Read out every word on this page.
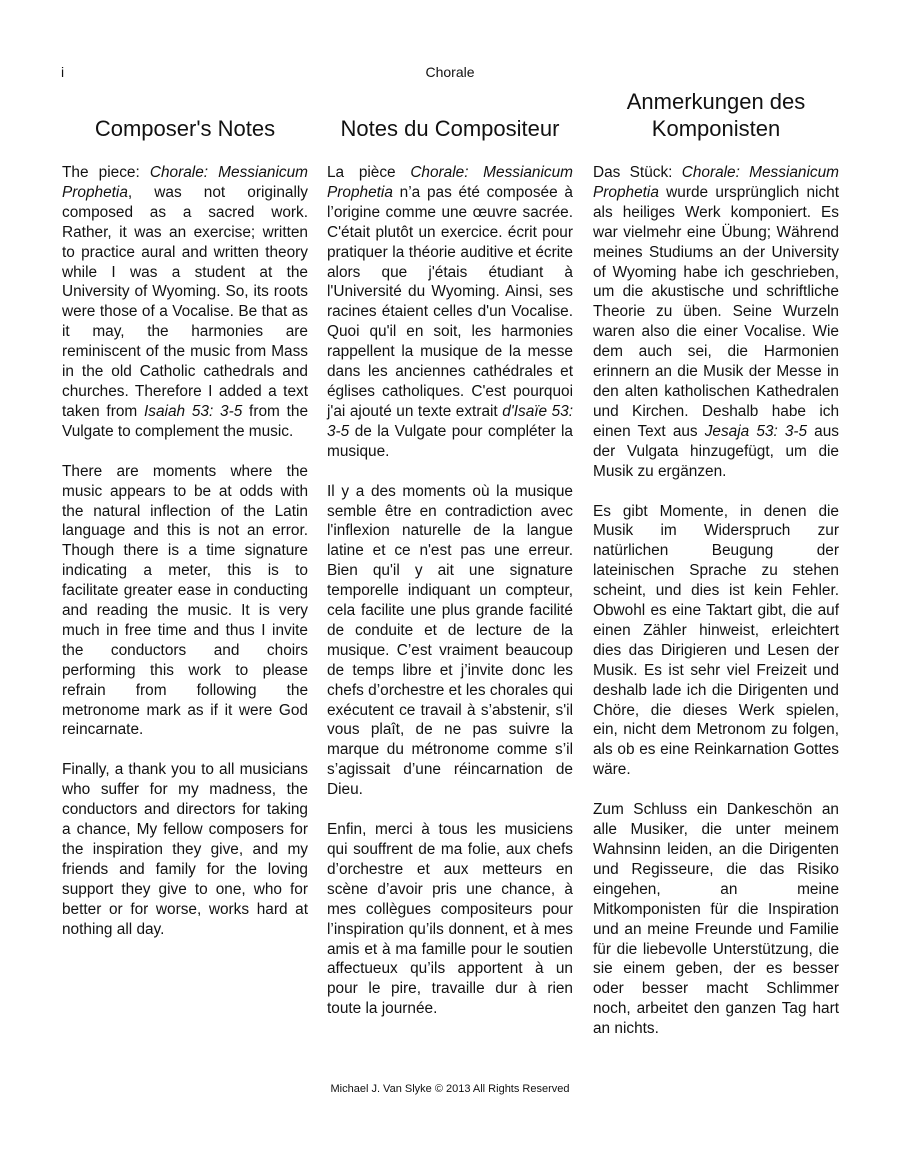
i	Chorale
Composer's Notes

The piece: Chorale: Messianicum Prophetia, was not originally composed as a sacred work. Rather, it was an exercise; written to practice aural and written theory while I was a student at the University of Wyoming. So, its roots were those of a Vocalise. Be that as it may, the harmonies are reminiscent of the music from Mass in the old Catholic cathedrals and churches. Therefore I added a text taken from Isaiah 53: 3-5 from the Vulgate to complement the music.

There are moments where the music appears to be at odds with the natural inflection of the Latin language and this is not an error. Though there is a time signature indicating a meter, this is to facilitate greater ease in conducting and reading the music. It is very much in free time and thus I invite the conductors and choirs performing this work to please refrain from following the metronome mark as if it were God reincarnate.

Finally, a thank you to all musicians who suffer for my madness, the conductors and directors for taking a chance, My fellow composers for the inspiration they give, and my friends and family for the loving support they give to one, who for better or for worse, works hard at nothing all day.

Notes du Compositeur

La pièce Chorale: Messianicum Prophetia n’a pas été composée à l’origine comme une œuvre sacrée. C'était plutôt un exercice. écrit pour pratiquer la théorie auditive et écrite alors que j'étais étudiant à l'Université du Wyoming. Ainsi, ses racines étaient celles d'un Vocalise. Quoi qu'il en soit, les harmonies rappellent la musique de la messe dans les anciennes cathédrales et églises catholiques. C'est pourquoi j'ai ajouté un texte extrait d'Isaïe 53: 3-5 de la Vulgate pour compléter la musique.

Il y a des moments où la musique semble être en contradiction avec l'inflexion naturelle de la langue latine et ce n'est pas une erreur. Bien qu'il y ait une signature temporelle indiquant un compteur, cela facilite une plus grande facilité de conduite et de lecture de la musique. C’est vraiment beaucoup de temps libre et j’invite donc les chefs d’orchestre et les chorales qui exécutent ce travail à s’abstenir, s'il vous plaît, de ne pas suivre la marque du métronome comme s’il s’agissait d’une réincarnation de Dieu.

Enfin, merci à tous les musiciens qui souffrent de ma folie, aux chefs d’orchestre et aux metteurs en scène d’avoir pris une chance, à mes collègues compositeurs pour l’inspiration qu’ils donnent, et à mes amis et à ma famille pour le soutien affectueux qu’ils apportent à un pour le pire, travaille dur à rien toute la journée.

Anmerkungen des Komponisten

Das Stück: Chorale: Messianicum Prophetia wurde ursprünglich nicht als heiliges Werk komponiert. Es war vielmehr eine Übung; Während meines Studiums an der University of Wyoming habe ich geschrieben, um die akustische und schriftliche Theorie zu üben. Seine Wurzeln waren also die einer Vocalise. Wie dem auch sei, die Harmonien erinnern an die Musik der Messe in den alten katholischen Kathedralen und Kirchen. Deshalb habe ich einen Text aus Jesaja 53: 3-5 aus der Vulgata hinzugefügt, um die Musik zu ergänzen.

Es gibt Momente, in denen die Musik im Widerspruch zur natürlichen Beugung der lateinischen Sprache zu stehen scheint, und dies ist kein Fehler. Obwohl es eine Taktart gibt, die auf einen Zähler hinweist, erleichtert dies das Dirigieren und Lesen der Musik. Es ist sehr viel Freizeit und deshalb lade ich die Dirigenten und Chöre, die dieses Werk spielen, ein, nicht dem Metronom zu folgen, als ob es eine Reinkarnation Gottes wäre.

Zum Schluss ein Dankeschön an alle Musiker, die unter meinem Wahnsinn leiden, an die Dirigenten und Regisseure, die das Risiko eingehen, an meine Mitkomponisten für die Inspiration und an meine Freunde und Familie für die liebevolle Unterstützung, die sie einem geben, der es besser oder besser macht Schlimmer noch, arbeitet den ganzen Tag hart an nichts.

Michael J. Van Slyke © 2013 All Rights Reserved
